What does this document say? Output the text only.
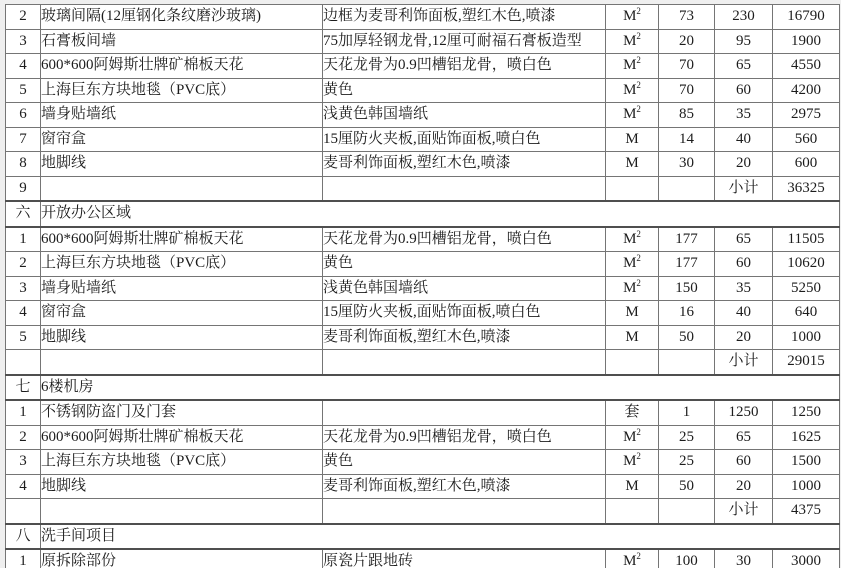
2	玻璃间隔(12厘钢化条纹磨沙玻璃)	边框为麦哥利饰面板,塑红木色,喷漆	$M^2$	73	230	16790
3	石膏板间墙	75加厚轻钢龙骨,12厘可耐福石膏板造型	$M^2$	20	95	1900
4	600*600阿姆斯壮牌矿棉板天花	天花龙骨为0.9凹槽铝龙骨，喷白色	$M^2$	70	65	4550
5	上海巨东方块地毯（PVC底）	黄色	$M^2$	70	60	4200
6	墙身贴墙纸	浅黄色韩国墙纸	$M^2$	85	35	2975
7	窗帘盒	15厘防火夹板,面贴饰面板,喷白色	M	14	40	560
8	地脚线	麦哥利饰面板,塑红木色,喷漆	M	30	20	600
9					小计	36325
六	开放办公区域					
1	600*600阿姆斯壮牌矿棉板天花	天花龙骨为0.9凹槽铝龙骨，喷白色	$M^2$	177	65	11505
2	上海巨东方块地毯（PVC底）	黄色	$M^2$	177	60	10620
3	墙身贴墙纸	浅黄色韩国墙纸	$M^2$	150	35	5250
4	窗帘盒	15厘防火夹板,面贴饰面板,喷白色	M	16	40	640
5	地脚线	麦哥利饰面板,塑红木色,喷漆	M	50	20	1000
					小计	29015
七	6楼机房					
1	不锈钢防盗门及门套		套	1	1250	1250
2	600*600阿姆斯壮牌矿棉板天花	天花龙骨为0.9凹槽铝龙骨，喷白色	$M^2$	25	65	1625
3	上海巨东方块地毯（PVC底）	黄色	$M^2$	25	60	1500
4	地脚线	麦哥利饰面板,塑红木色,喷漆	M	50	20	1000
					小计	4375
八	洗手间项目					
1	原拆除部份	原瓷片跟地砖	$M^2$	100	30	3000
